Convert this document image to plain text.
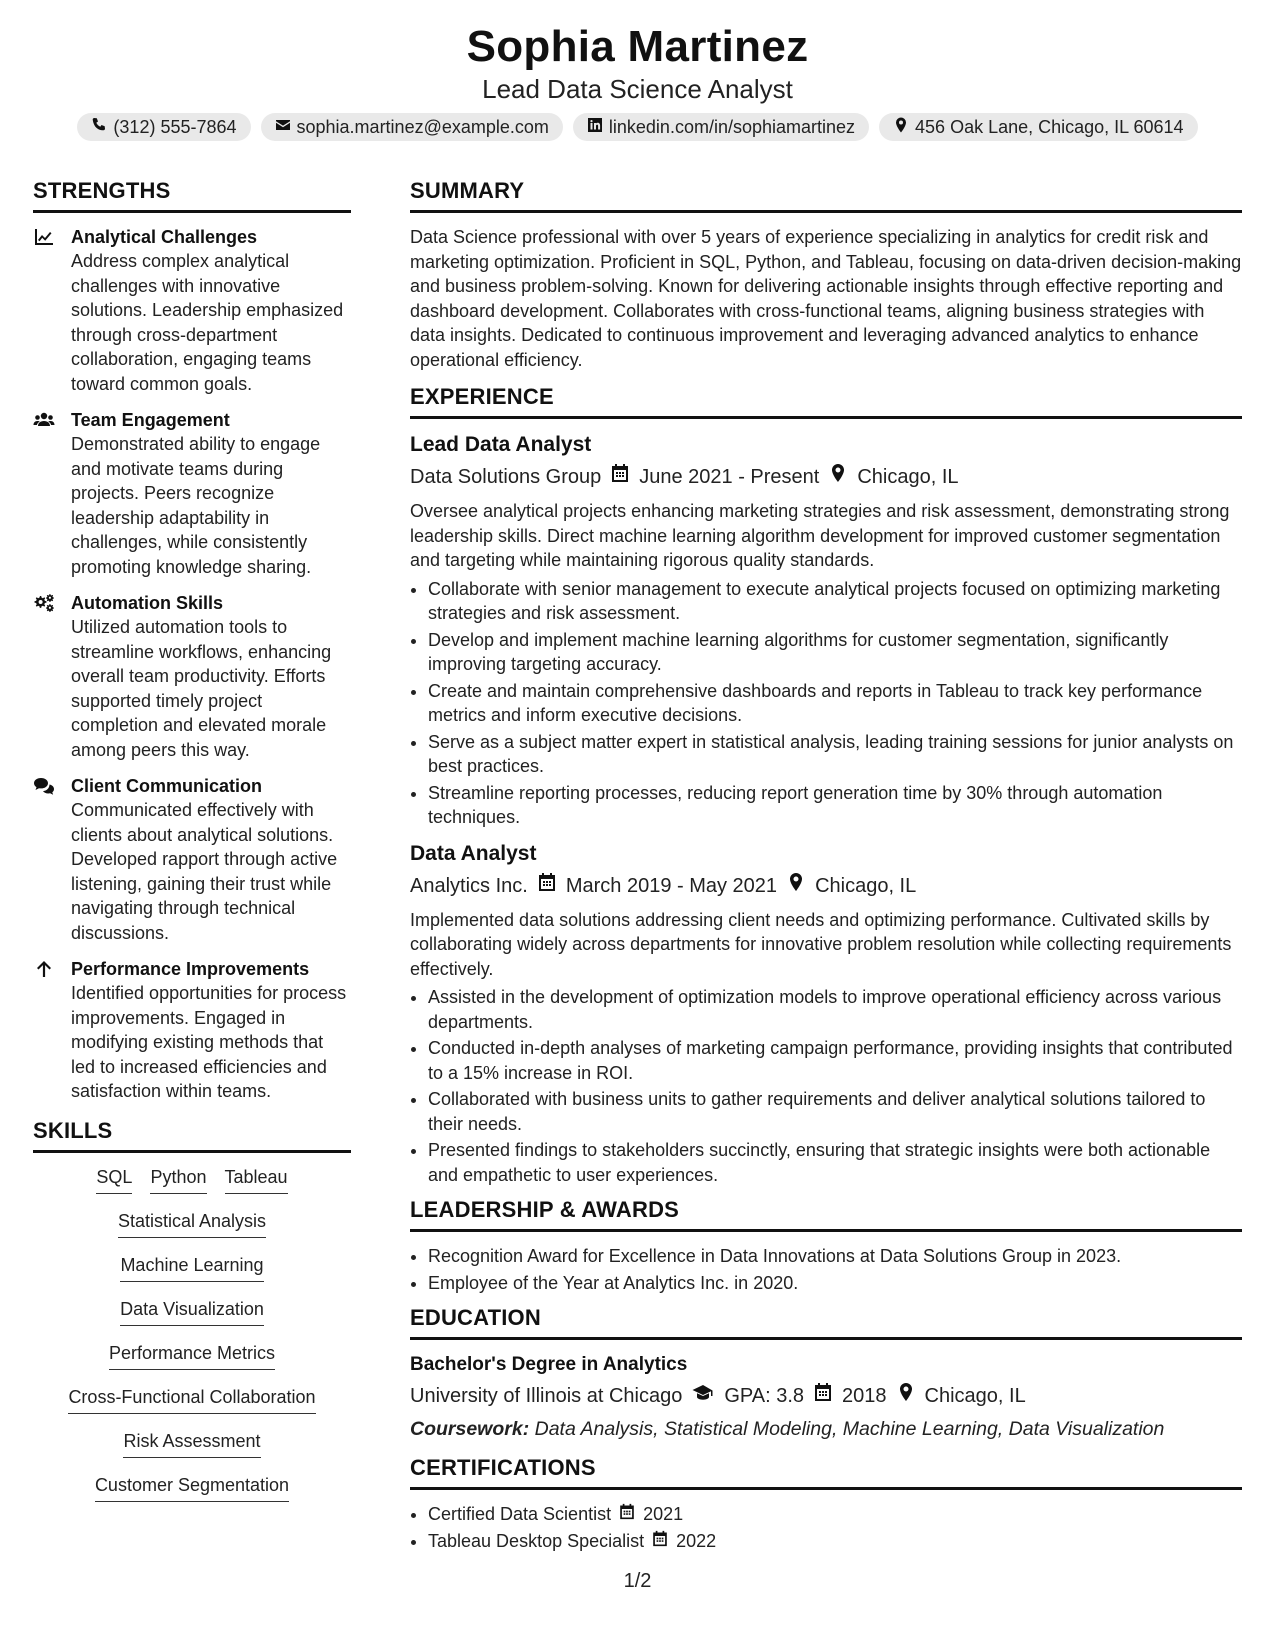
Sophia Martinez
Lead Data Science Analyst
(312) 555-7864	sophia.martinez@example.com	linkedin.com/in/sophiamartinez	456 Oak Lane, Chicago, IL 60614
STRENGTHS
Analytical Challenges
Address complex analytical challenges with innovative solutions. Leadership emphasized through cross-department collaboration, engaging teams toward common goals.
Team Engagement
Demonstrated ability to engage and motivate teams during projects. Peers recognize leadership adaptability in challenges, while consistently promoting knowledge sharing.
Automation Skills
Utilized automation tools to streamline workflows, enhancing overall team productivity. Efforts supported timely project completion and elevated morale among peers this way.
Client Communication
Communicated effectively with clients about analytical solutions. Developed rapport through active listening, gaining their trust while navigating through technical discussions.
Performance Improvements
Identified opportunities for process improvements. Engaged in modifying existing methods that led to increased efficiencies and satisfaction within teams.
SKILLS
SQL Python Tableau
Statistical Analysis
Machine Learning
Data Visualization
Performance Metrics
Cross-Functional Collaboration
Risk Assessment
Customer Segmentation
SUMMARY

Data Science professional with over 5 years of experience specializing in analytics for credit risk and marketing optimization. Proficient in SQL, Python, and Tableau, focusing on data-driven decision-making and business problem-solving. Known for delivering actionable insights through effective reporting and dashboard development. Collaborates with cross-functional teams, aligning business strategies with data insights. Dedicated to continuous improvement and leveraging advanced analytics to enhance operational efficiency.

EXPERIENCE
Lead Data Analyst
Data Solutions Group June 2021 - Present Chicago, IL

Oversee analytical projects enhancing marketing strategies and risk assessment, demonstrating strong leadership skills. Direct machine learning algorithm development for improved customer segmentation and targeting while maintaining rigorous quality standards.

• Collaborate with senior management to execute analytical projects focused on optimizing marketing strategies and risk assessment.
• Develop and implement machine learning algorithms for customer segmentation, significantly improving targeting accuracy.
• Create and maintain comprehensive dashboards and reports in Tableau to track key performance metrics and inform executive decisions.
• Serve as a subject matter expert in statistical analysis, leading training sessions for junior analysts on best practices.
• Streamline reporting processes, reducing report generation time by 30% through automation techniques.
Data Analyst
Analytics Inc. March 2019 - May 2021 Chicago, IL

Implemented data solutions addressing client needs and optimizing performance. Cultivated skills by collaborating widely across departments for innovative problem resolution while collecting requirements effectively.

• Assisted in the development of optimization models to improve operational efficiency across various departments.
• Conducted in-depth analyses of marketing campaign performance, providing insights that contributed to a 15% increase in ROI.
• Collaborated with business units to gather requirements and deliver analytical solutions tailored to their needs.
• Presented findings to stakeholders succinctly, ensuring that strategic insights were both actionable and empathetic to user experiences.
LEADERSHIP & AWARDS
• Recognition Award for Excellence in Data Innovations at Data Solutions Group in 2023.
• Employee of the Year at Analytics Inc. in 2020.
EDUCATION
Bachelor's Degree in Analytics
University of Illinois at Chicago GPA: 3.8 2018 Chicago, IL
Coursework: Data Analysis, Statistical Modeling, Machine Learning, Data Visualization
CERTIFICATIONS
• Certified Data Scientist 2021
• Tableau Desktop Specialist 2022
1/2
